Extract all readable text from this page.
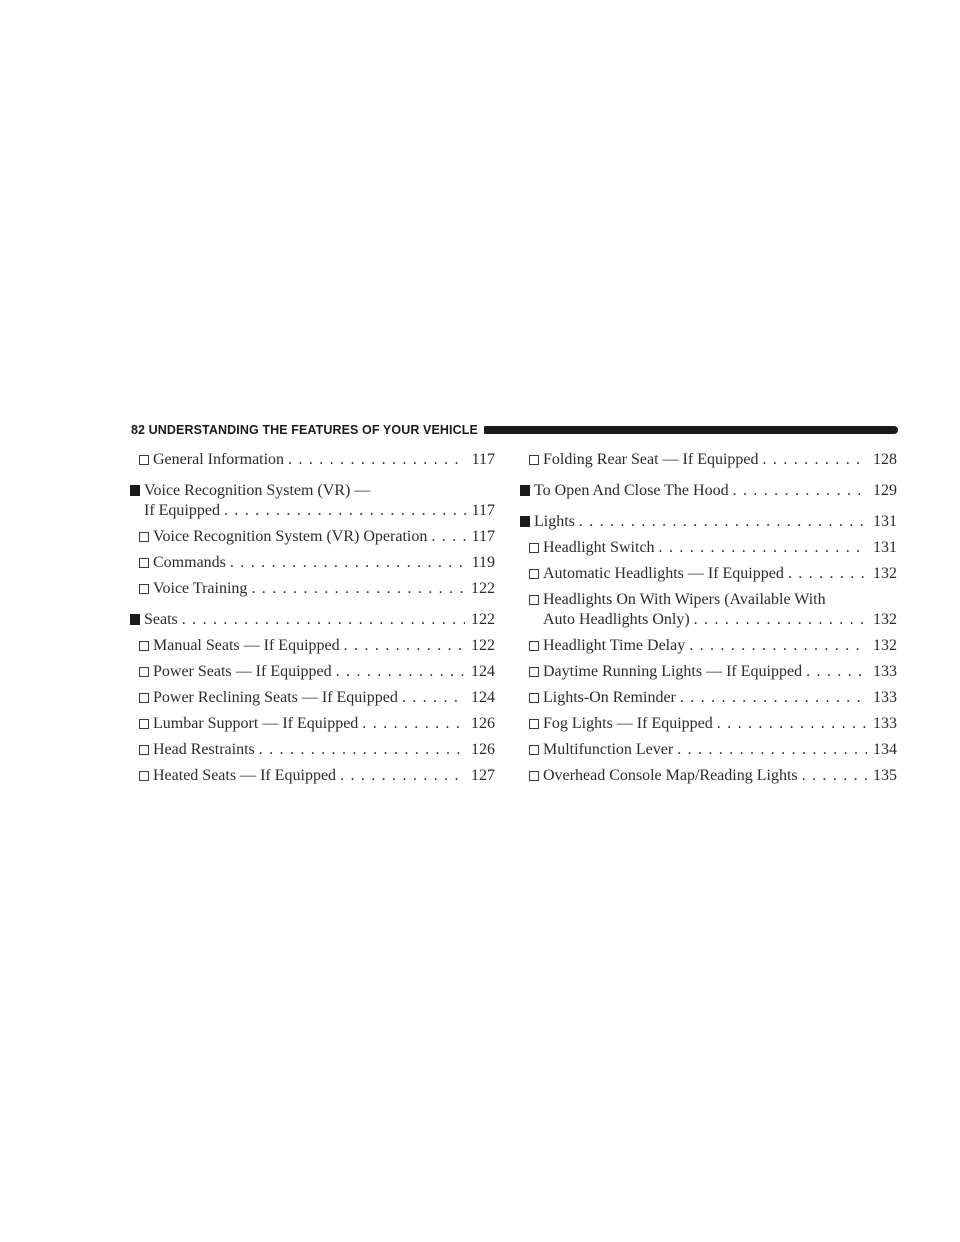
82 UNDERSTANDING THE FEATURES OF YOUR VEHICLE
General Information . . .	117
Voice Recognition System (VR) —
If Equipped . . .	117
Voice Recognition System (VR) Operation . . .	117
Commands . . .	119
Voice Training . . .	122
Seats . . .	122
Manual Seats — If Equipped . . .	122
Power Seats — If Equipped . . .	124
Power Reclining Seats — If Equipped . . .	124
Lumbar Support — If Equipped . . .	126
Head Restraints . . .	126
Heated Seats — If Equipped . . .	127
Folding Rear Seat — If Equipped . . .	128
To Open And Close The Hood . . .	129
Lights . . .	131
Headlight Switch . . .	131
Automatic Headlights — If Equipped . . .	132
Headlights On With Wipers (Available With
Auto Headlights Only) . . .	132
Headlight Time Delay . . .	132
Daytime Running Lights — If Equipped . . .	133
Lights-On Reminder . . .	133
Fog Lights — If Equipped . . .	133
Multifunction Lever . . .	134
Overhead Console Map/Reading Lights . . .	135
